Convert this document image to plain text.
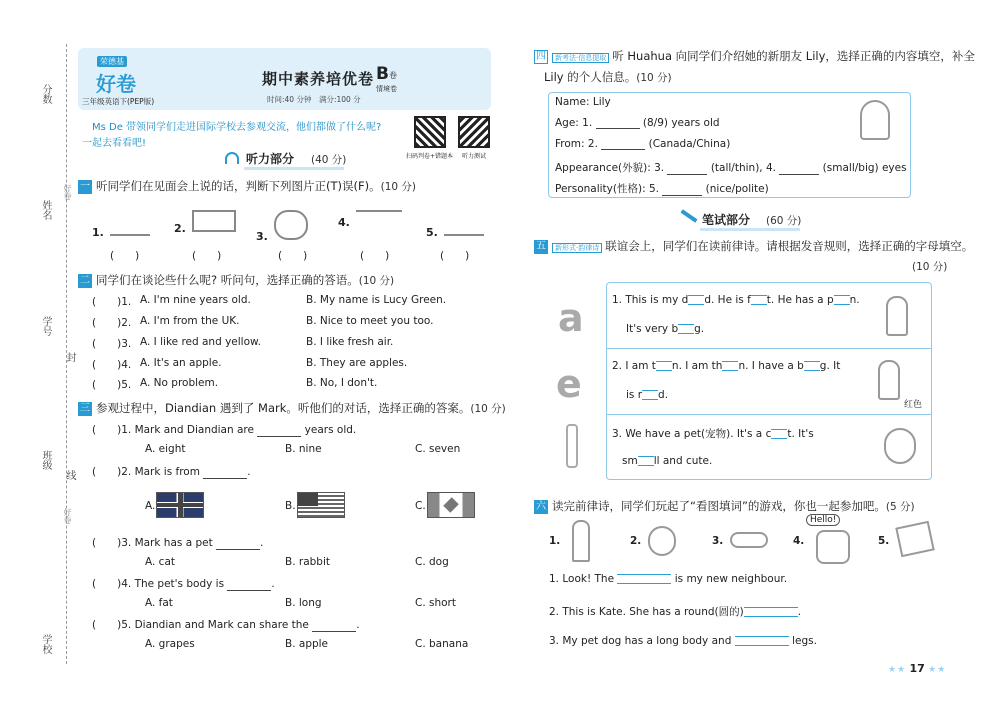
分数
姓名
学号
封
班级
线
学校
好卷
好卷
荣德基
好卷
三年级英语下(PEP版)
期中素养培优卷 B 卷
情境卷
时间:40 分钟　满分:100 分
扫码判卷+错题本 听力测试
Ms De 带领同学们走进国际学校去参观交流，他们都做了什么呢?
一起去看看吧!
听力部分 (40 分)
一 听同学们在见面会上说的话，判断下列图片正(T)误(F)。(10 分)
1.	2.
3.
4.
5.
(　　)	(　　)	(　　)	(　　)	(　　)
二 同学们在谈论些什么呢? 听问句，选择正确的答语。(10 分)
(　　)1. A. I'm nine years old.	B. My name is Lucy Green.
(　　)2. A. I'm from the UK.	B. Nice to meet you too.
(　　)3. A. I like red and yellow.	B. I like fresh air.
(　　)4. A. It's an apple.	B. They are apples.
(　　)5. A. No problem.	B. No, I don't.
三 参观过程中，Diandian 遇到了 Mark。听他们的对话，选择正确的答案。(10 分)
(　　)1. Mark and Diandian are	years old.
A. eight	B. nine	C. seven
(　　)2. Mark is from	.
A.	B.	C.
(　　)3. Mark has a pet	.
A. cat	B. rabbit	C. dog
(　　)4. The pet's body is	.
A. fat	B. long	C. short
(　　)5. Diandian and Mark can share the	.
A. grapes	B. apple	C. banana
四 新考法·信息提取 听 Huahua 向同学们介绍她的新朋友 Lily，选择正确的内容填空，补全
Lily 的个人信息。(10 分)
Name: Lily
Age: 1.	(8/9) years old
From: 2.	(Canada/China)
Appearance(外貌): 3.	(tall/thin), 4.	(small/big) eyes
Personality(性格): 5.	(nice/polite)
笔试部分 (60 分)
五 新形式·韵律诗 联谊会上，同学们在读前律诗。请根据发音规则，选择正确的字母填空。
(10 分)
a
e
1. This is my d d. He is f t. He has a p n.
It's very b g.
2. I am t n. I am th n. I have a b g. It
is r d.
红色
3. We have a pet(宠物). It's a c t. It's
sm ll and cute.
六 读完前律诗，同学们玩起了“看图填词”的游戏，你也一起参加吧。(5 分)
1.	2.	3.	4.
Hello!
5.
1. Look! The	is my new neighbour.
2. This is Kate. She has a round(圆的)	.
3. My pet dog has a long body and	legs.
★★ 17 ★★
